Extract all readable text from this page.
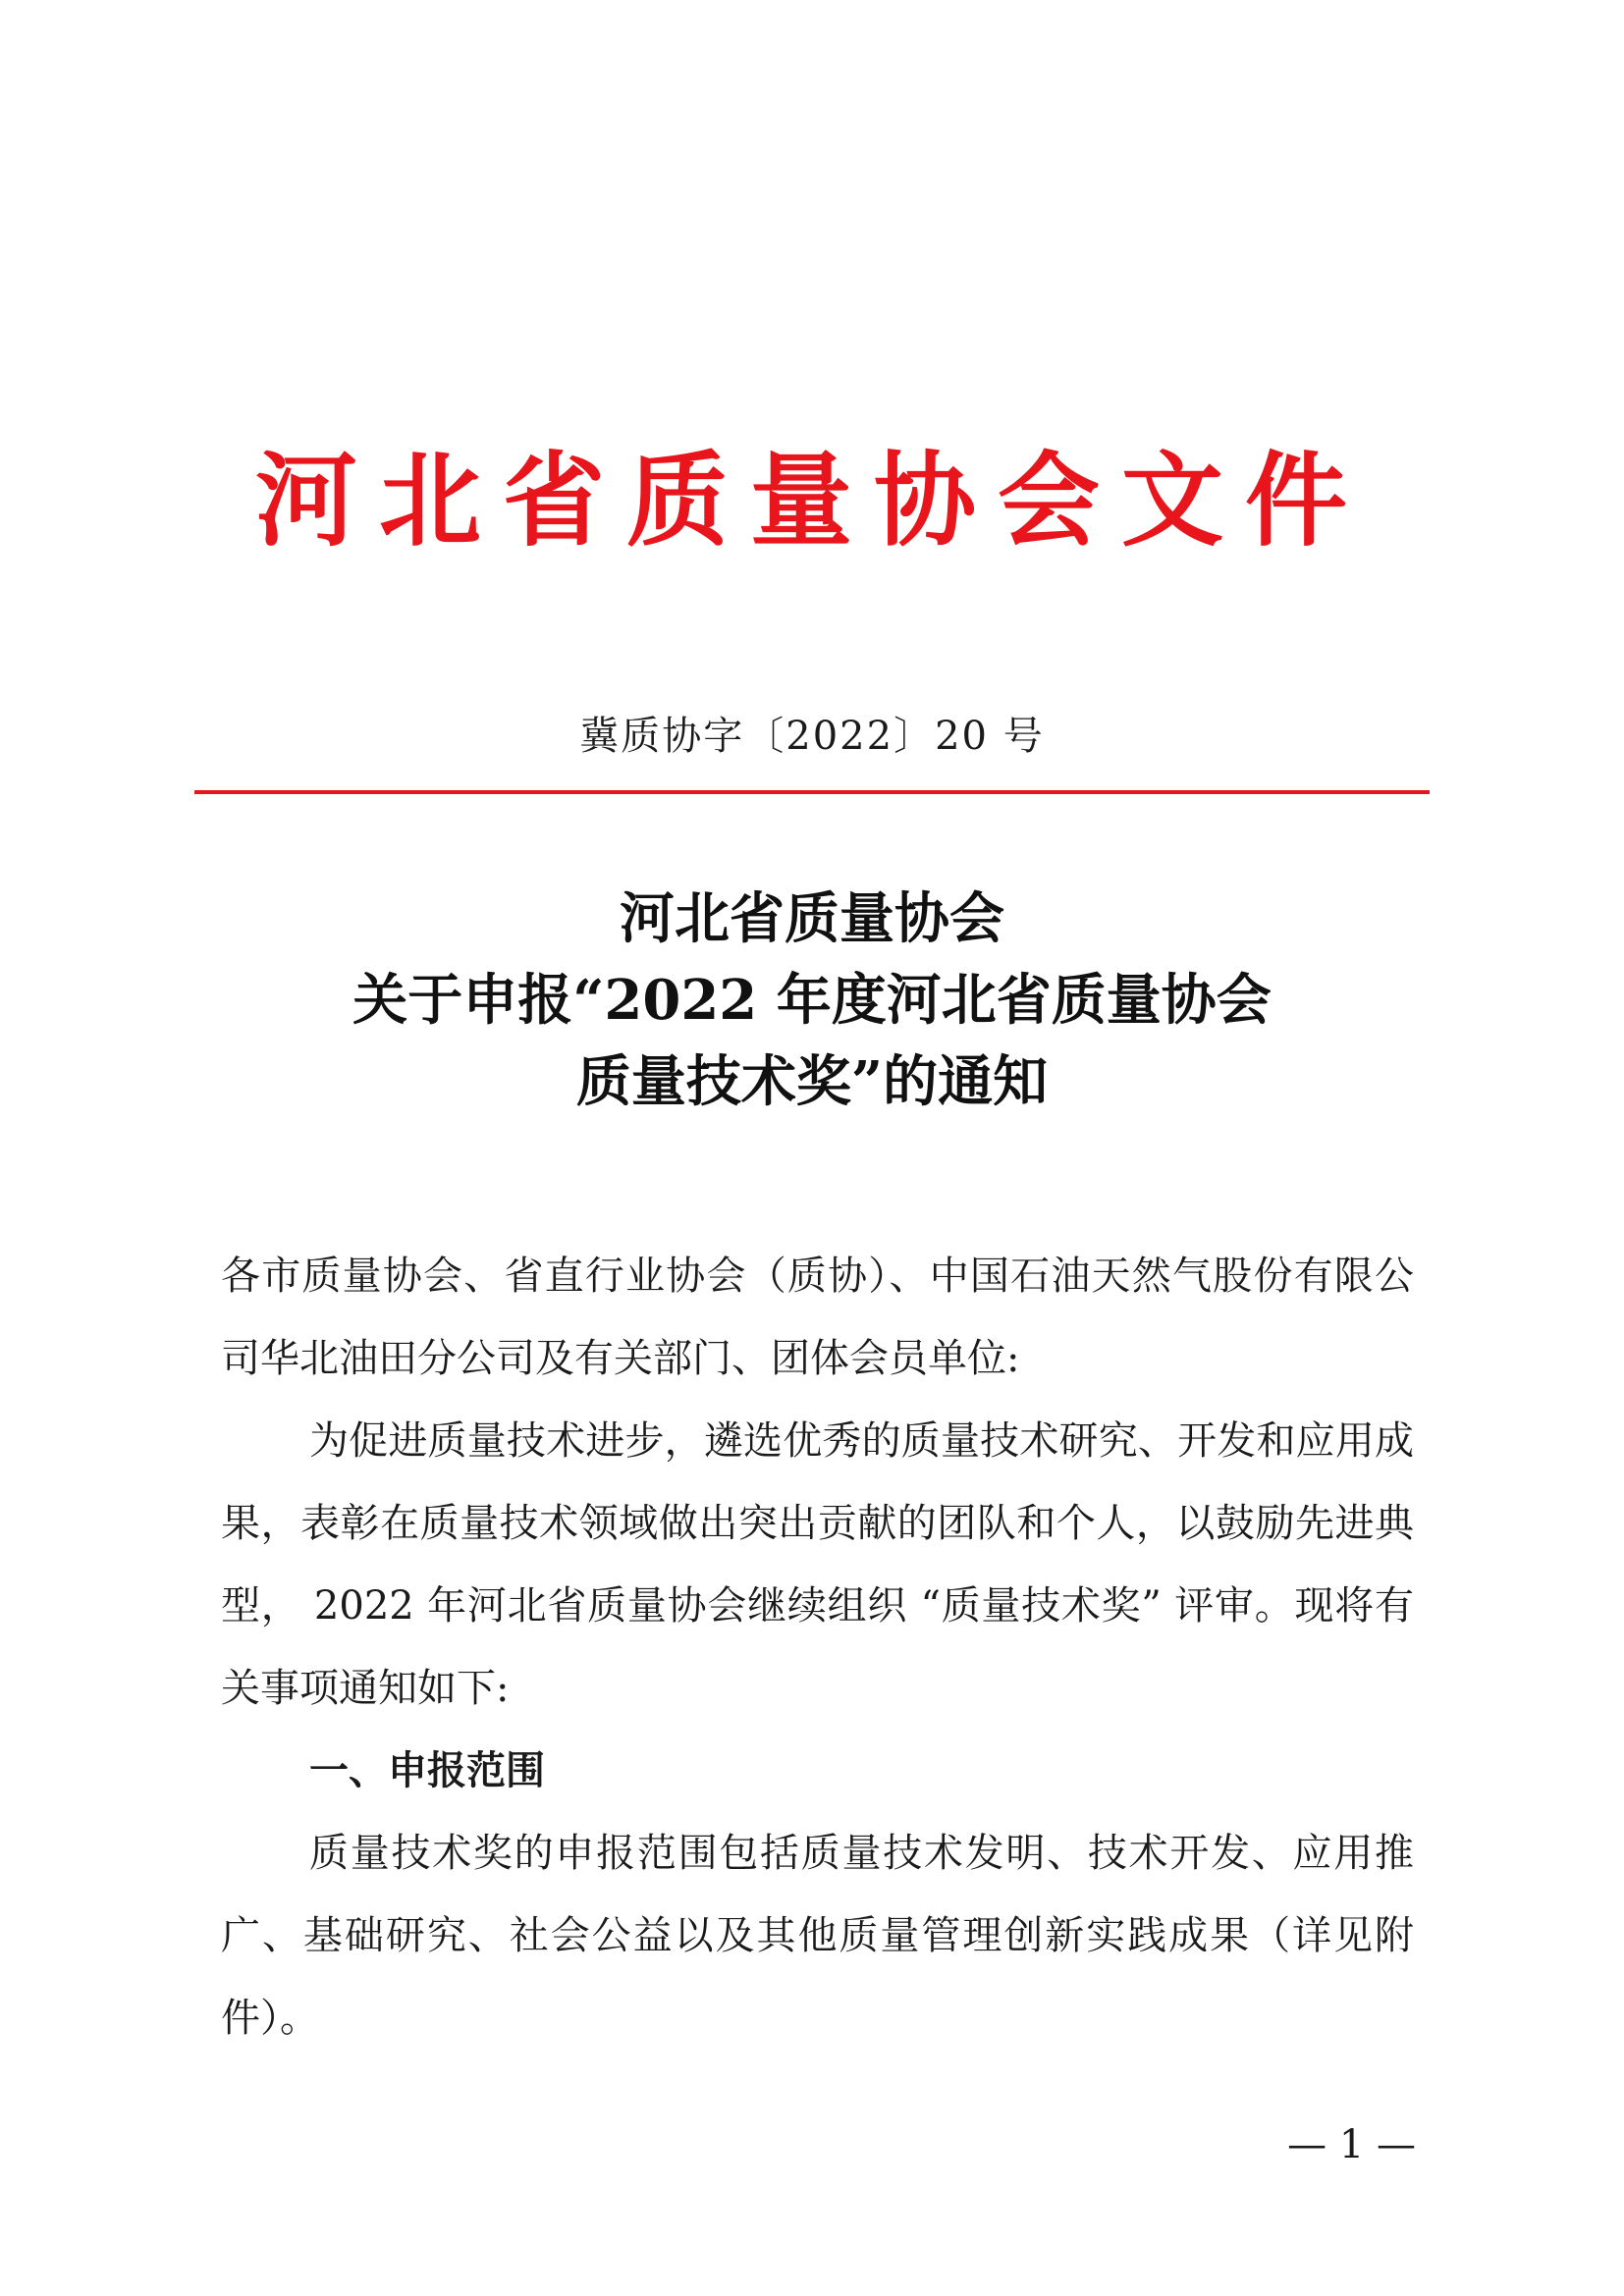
河北省质量协会文件
冀质协字〔2022〕20 号
河北省质量协会
关于申报“2022 年度河北省质量协会
质量技术奖”的通知

各市质量协会、省直行业协会（质协）、中国石油天然气股份有限公司华北油田分公司及有关部门、团体会员单位:

为促进质量技术进步，遴选优秀的质量技术研究、开发和应用成果，表彰在质量技术领域做出突出贡献的团队和个人，以鼓励先进典型， 2022 年河北省质量协会继续组织 “质量技术奖” 评审。现将有关事项通知如下:

一、申报范围

质量技术奖的申报范围包括质量技术发明、技术开发、应用推广、基础研究、社会公益以及其他质量管理创新实践成果（详见附件）。

— 1 —
